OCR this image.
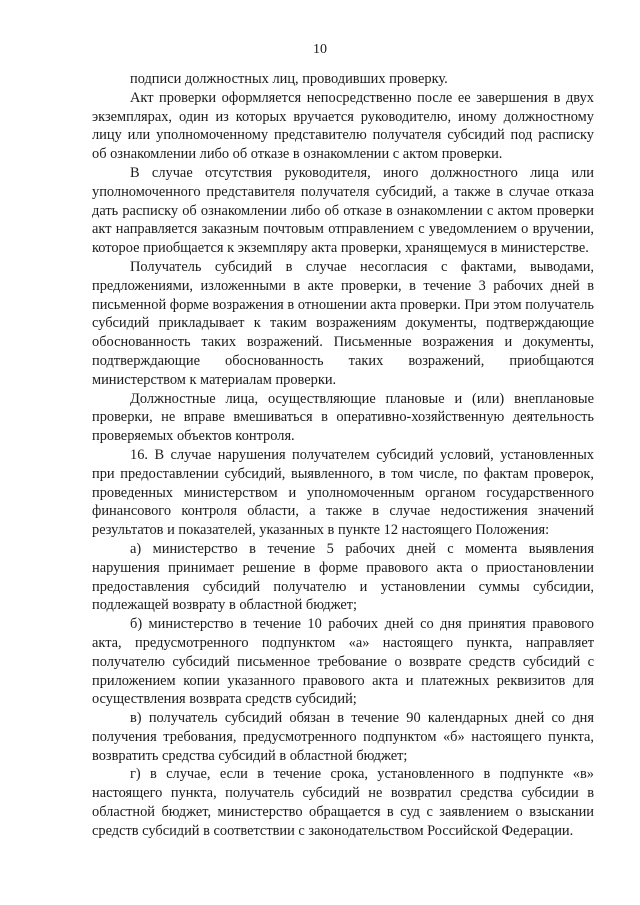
10

подписи должностных лиц, проводивших проверку.

Акт проверки оформляется непосредственно после ее завершения в двух экземплярах, один из которых вручается руководителю, иному должностному лицу или уполномоченному представителю получателя субсидий под расписку об ознакомлении либо об отказе в ознакомлении с актом проверки.

В случае отсутствия руководителя, иного должностного лица или уполномоченного представителя получателя субсидий, а также в случае отказа дать расписку об ознакомлении либо об отказе в ознакомлении с актом проверки акт направляется заказным почтовым отправлением с уведомлением о вручении, которое приобщается к экземпляру акта проверки, хранящемуся в министерстве.

Получатель субсидий в случае несогласия с фактами, выводами, предложениями, изложенными в акте проверки, в течение 3 рабочих дней в письменной форме возражения в отношении акта проверки. При этом получатель субсидий прикладывает к таким возражениям документы, подтверждающие обоснованность таких возражений. Письменные возражения и документы, подтверждающие обоснованность таких возражений, приобщаются министерством к материалам проверки.

Должностные лица, осуществляющие плановые и (или) внеплановые проверки, не вправе вмешиваться в оперативно-хозяйственную деятельность проверяемых объектов контроля.

16. В случае нарушения получателем субсидий условий, установленных при предоставлении субсидий, выявленного, в том числе, по фактам проверок, проведенных министерством и уполномоченным органом государственного финансового контроля области, а также в случае недостижения значений результатов и показателей, указанных в пункте 12 настоящего Положения:

а) министерство в течение 5 рабочих дней с момента выявления нарушения принимает решение в форме правового акта о приостановлении предоставления субсидий получателю и установлении суммы субсидии, подлежащей возврату в областной бюджет;

б) министерство в течение 10 рабочих дней со дня принятия правового акта, предусмотренного подпунктом «а» настоящего пункта, направляет получателю субсидий письменное требование о возврате средств субсидий с приложением копии указанного правового акта и платежных реквизитов для осуществления возврата средств субсидий;

в) получатель субсидий обязан в течение 90 календарных дней со дня получения требования, предусмотренного подпунктом «б» настоящего пункта, возвратить средства субсидий в областной бюджет;

г) в случае, если в течение срока, установленного в подпункте «в» настоящего пункта, получатель субсидий не возвратил средства субсидии в областной бюджет, министерство обращается в суд с заявлением о взыскании средств субсидий в соответствии с законодательством Российской Федерации.
